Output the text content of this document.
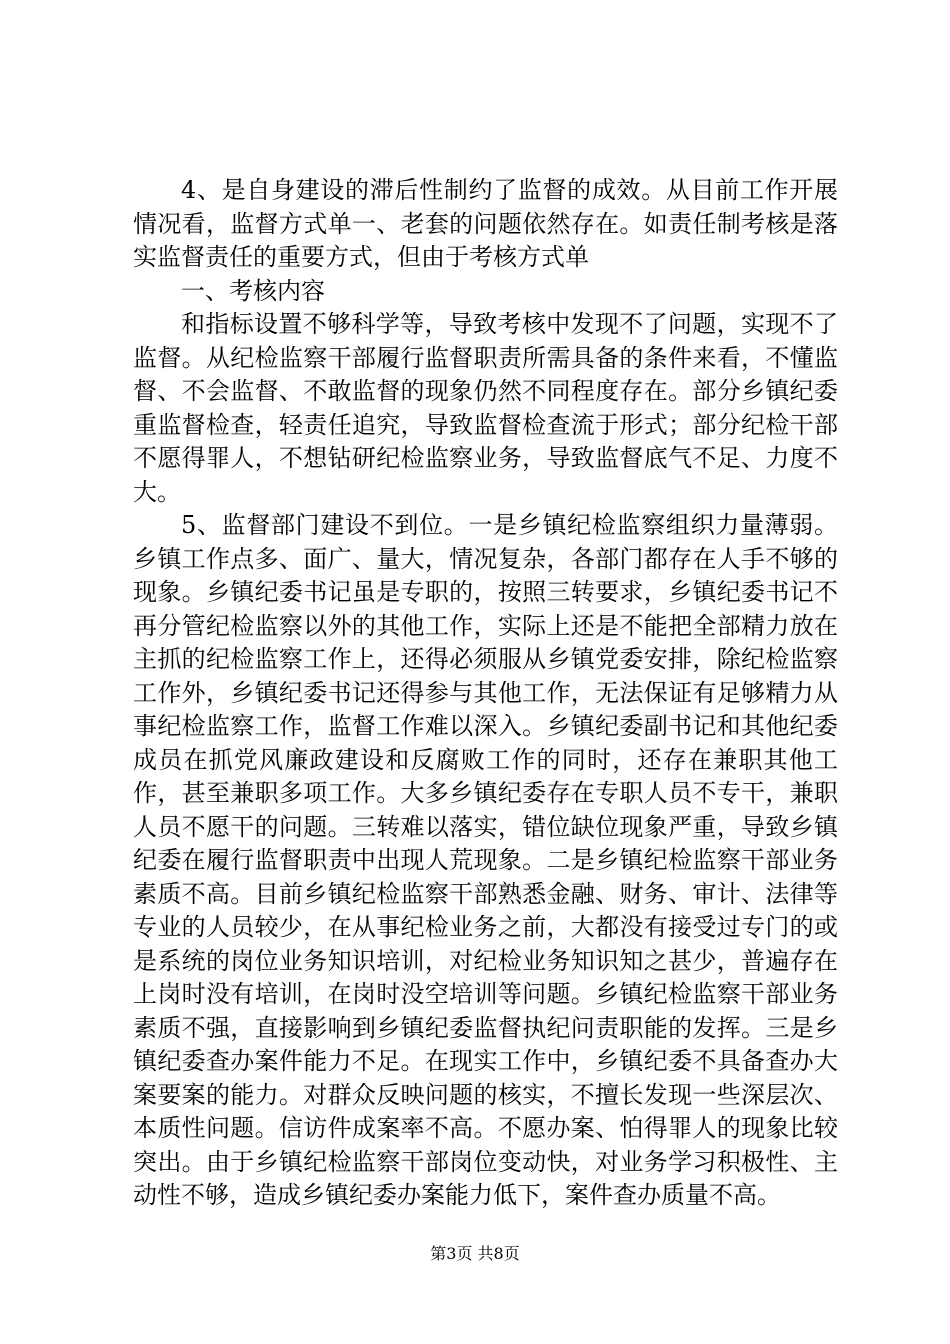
4、是自身建设的滞后性制约了监督的成效。从目前工作开展情况看，监督方式单一、老套的问题依然存在。如责任制考核是落实监督责任的重要方式，但由于考核方式单

一、考核内容

和指标设置不够科学等，导致考核中发现不了问题，实现不了监督。从纪检监察干部履行监督职责所需具备的条件来看，不懂监督、不会监督、不敢监督的现象仍然不同程度存在。部分乡镇纪委重监督检查，轻责任追究，导致监督检查流于形式；部分纪检干部不愿得罪人，不想钻研纪检监察业务，导致监督底气不足、力度不大。

5、监督部门建设不到位。一是乡镇纪检监察组织力量薄弱。乡镇工作点多、面广、量大，情况复杂，各部门都存在人手不够的现象。乡镇纪委书记虽是专职的，按照三转要求，乡镇纪委书记不再分管纪检监察以外的其他工作，实际上还是不能把全部精力放在主抓的纪检监察工作上，还得必须服从乡镇党委安排，除纪检监察工作外，乡镇纪委书记还得参与其他工作，无法保证有足够精力从事纪检监察工作，监督工作难以深入。乡镇纪委副书记和其他纪委成员在抓党风廉政建设和反腐败工作的同时，还存在兼职其他工作，甚至兼职多项工作。大多乡镇纪委存在专职人员不专干，兼职人员不愿干的问题。三转难以落实，错位缺位现象严重，导致乡镇纪委在履行监督职责中出现人荒现象。二是乡镇纪检监察干部业务素质不高。目前乡镇纪检监察干部熟悉金融、财务、审计、法律等专业的人员较少，在从事纪检业务之前，大都没有接受过专门的或是系统的岗位业务知识培训，对纪检业务知识知之甚少，普遍存在上岗时没有培训，在岗时没空培训等问题。乡镇纪检监察干部业务素质不强，直接影响到乡镇纪委监督执纪问责职能的发挥。三是乡镇纪委查办案件能力不足。在现实工作中，乡镇纪委不具备查办大案要案的能力。对群众反映问题的核实，不擅长发现一些深层次、本质性问题。信访件成案率不高。不愿办案、怕得罪人的现象比较突出。由于乡镇纪检监察干部岗位变动快，对业务学习积极性、主动性不够，造成乡镇纪委办案能力低下，案件查办质量不高。

第3页 共8页
